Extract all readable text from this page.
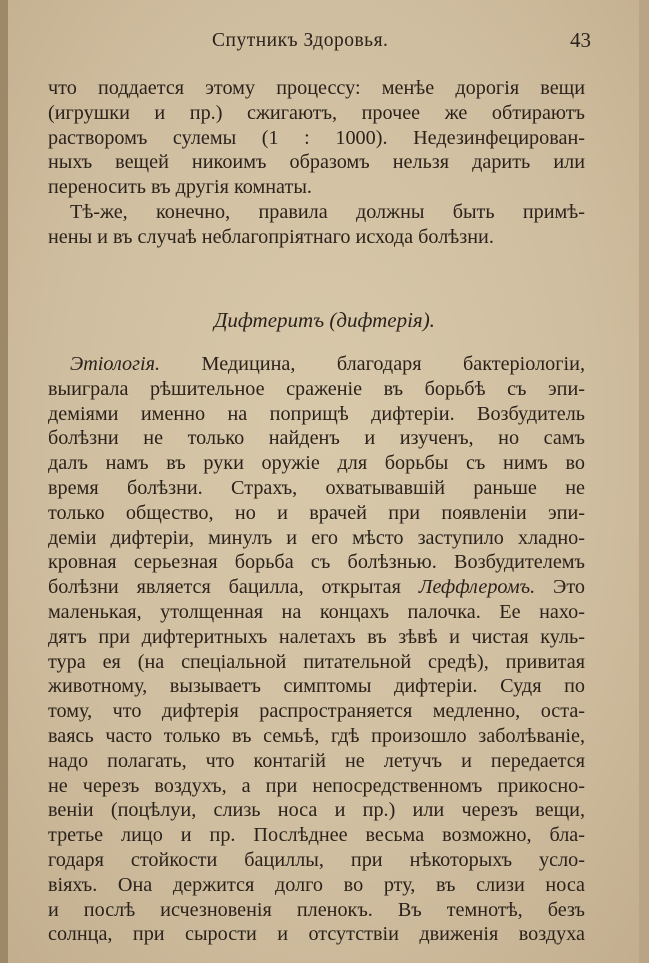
Спутникъ Здоровья.	43
что поддается этому процессу: менѣе дорогія вещи
(игрушки и пр.) сжигаютъ, прочее же обтираютъ
растворомъ сулемы (1 : 1000). Недезинфецирован-
ныхъ вещей никоимъ образомъ нельзя дарить или
переносить въ другія комнаты.
Тѣ-же, конечно, правила должны быть примѣ-
нены и въ случаѣ неблагопріятнаго исхода болѣзни.
Дифтеритъ (дифтерія).
Этіологія. Медицина, благодаря бактеріологіи,
выиграла рѣшительное сраженіе въ борьбѣ съ эпи-
деміями именно на поприщѣ дифтеріи. Возбудитель
болѣзни не только найденъ и изученъ, но самъ
далъ намъ въ руки оружіе для борьбы съ нимъ во
время болѣзни. Страхъ, охватывавшій раньше не
только общество, но и врачей при появленіи эпи-
деміи дифтеріи, минулъ и его мѣсто заступило хладно-
кровная серьезная борьба съ болѣзнью. Возбудителемъ
болѣзни является бацилла, открытая Леффлеромъ. Это
маленькая, утолщенная на концахъ палочка. Ее нахо-
дятъ при дифтеритныхъ налетахъ въ зѣвѣ и чистая куль-
тура ея (на спеціальной питательной средѣ), привитая
животному, вызываетъ симптомы дифтеріи. Судя по
тому, что дифтерія распространяется медленно, оста-
ваясь часто только въ семьѣ, гдѣ произошло заболѣваніе,
надо полагать, что контагій не летучъ и передается
не черезъ воздухъ, а при непосредственномъ прикосно-
веніи (поцѣлуи, слизь носа и пр.) или черезъ вещи,
третье лицо и пр. Послѣднее весьма возможно, бла-
годаря стойкости бациллы, при нѣкоторыхъ усло-
віяхъ. Она держится долго во рту, въ слизи носа
и послѣ исчезновенія пленокъ. Въ темнотѣ, безъ
солнца, при сырости и отсутствіи движенія воздуха
